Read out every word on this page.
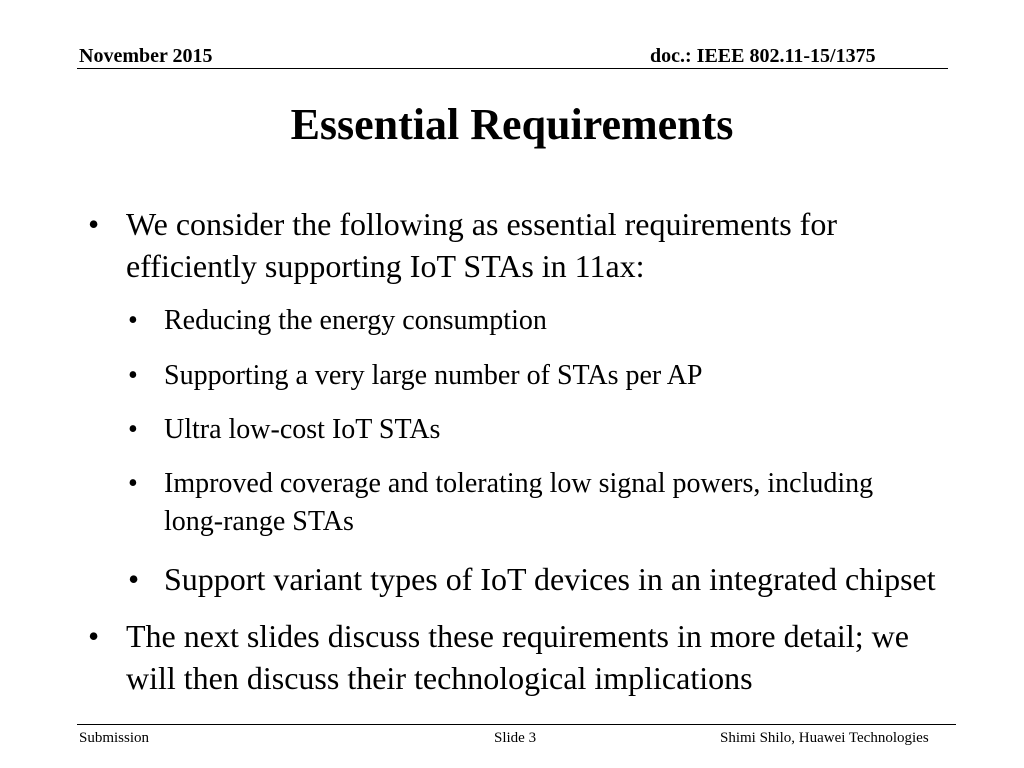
November 2015	doc.: IEEE 802.11-15/1375
Essential Requirements
• We consider the following as essential requirements for
efficiently supporting IoT STAs in 11ax:
• Reducing the energy consumption
• Supporting a very large number of STAs per AP
• Ultra low-cost IoT STAs
• Improved coverage and tolerating low signal powers, including
long-range STAs
• Support variant types of IoT devices in an integrated chipset
• The next slides discuss these requirements in more detail; we
will then discuss their technological implications
Submission	Slide 3	Shimi Shilo, Huawei Technologies
